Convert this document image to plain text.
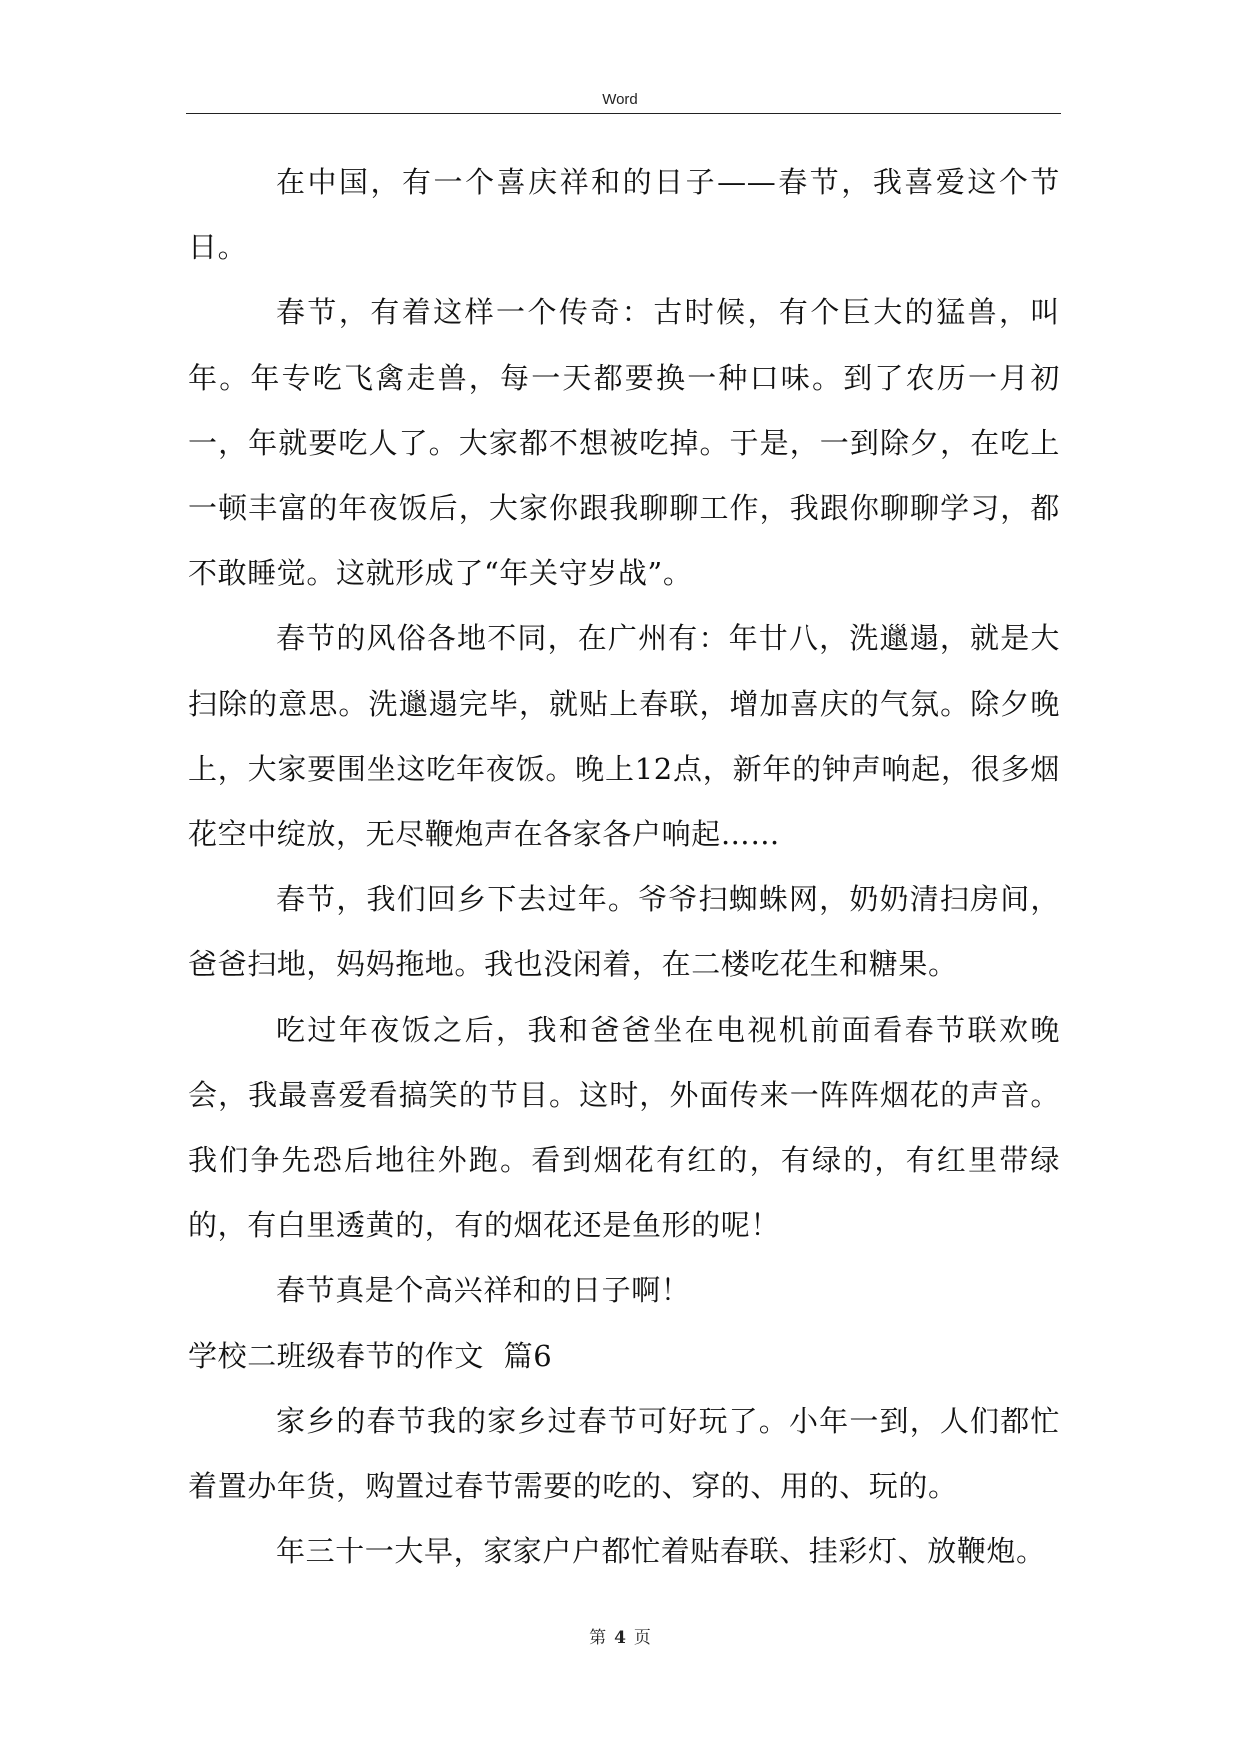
Word

在中国，有一个喜庆祥和的日子——春节，我喜爱这个节日。

春节，有着这样一个传奇：古时候，有个巨大的猛兽，叫年。年专吃飞禽走兽，每一天都要换一种口味。到了农历一月初一，年就要吃人了。大家都不想被吃掉。于是，一到除夕，在吃上一顿丰富的年夜饭后，大家你跟我聊聊工作，我跟你聊聊学习，都不敢睡觉。这就形成了“年关守岁战”。

春节的风俗各地不同，在广州有：年廿八，洗邋遢，就是大扫除的意思。洗邋遢完毕，就贴上春联，增加喜庆的气氛。除夕晚上，大家要围坐这吃年夜饭。晚上12点，新年的钟声响起，很多烟花空中绽放，无尽鞭炮声在各家各户响起……

春节，我们回乡下去过年。爷爷扫蜘蛛网，奶奶清扫房间，爸爸扫地，妈妈拖地。我也没闲着，在二楼吃花生和糖果。

吃过年夜饭之后，我和爸爸坐在电视机前面看春节联欢晚会，我最喜爱看搞笑的节目。这时，外面传来一阵阵烟花的声音。我们争先恐后地往外跑。看到烟花有红的，有绿的，有红里带绿的，有白里透黄的，有的烟花还是鱼形的呢！

春节真是个高兴祥和的日子啊！

学校二班级春节的作文  篇6

家乡的春节我的家乡过春节可好玩了。小年一到，人们都忙着置办年货，购置过春节需要的吃的、穿的、用的、玩的。

年三十一大早，家家户户都忙着贴春联、挂彩灯、放鞭炮。

第 4 页
